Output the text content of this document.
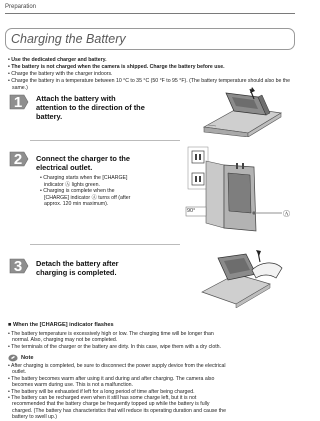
Preparation
Charging the Battery
• Use the dedicated charger and battery.
• The battery is not charged when the camera is shipped. Charge the battery before use.
• Charge the battery with the charger indoors.
• Charge the battery in a temperature between 10 °C to 35 °C (50 °F to 95 °F). (The battery temperature should also be the same.)
1 Attach the battery with
attention to the direction of the
battery.
2 Connect the charger to the
electrical outlet.
• Charging starts when the [CHARGE]
indicator Ⓐ lights green.
• Charging is complete when the
[CHARGE] indicator Ⓐ turns off (after
approx. 120 min maximum).
90°	Ⓐ
3 Detach the battery after
charging is completed.
■ When the [CHARGE] indicator flashes
• The battery temperature is excessively high or low. The charging time will be longer than
normal. Also, charging may not be completed.
• The terminals of the charger or the battery are dirty. In this case, wipe them with a dry cloth.
Note
• After charging is completed, be sure to disconnect the power supply device from the electrical
outlet.
• The battery becomes warm after using it and during and after charging. The camera also
becomes warm during use. This is not a malfunction.
• The battery will be exhausted if left for a long period of time after being charged.
• The battery can be recharged even when it still has some charge left, but it is not
recommended that the battery charge be frequently topped up while the battery is fully
charged. (The battery has characteristics that will reduce its operating duration and cause the
battery to swell up.)
